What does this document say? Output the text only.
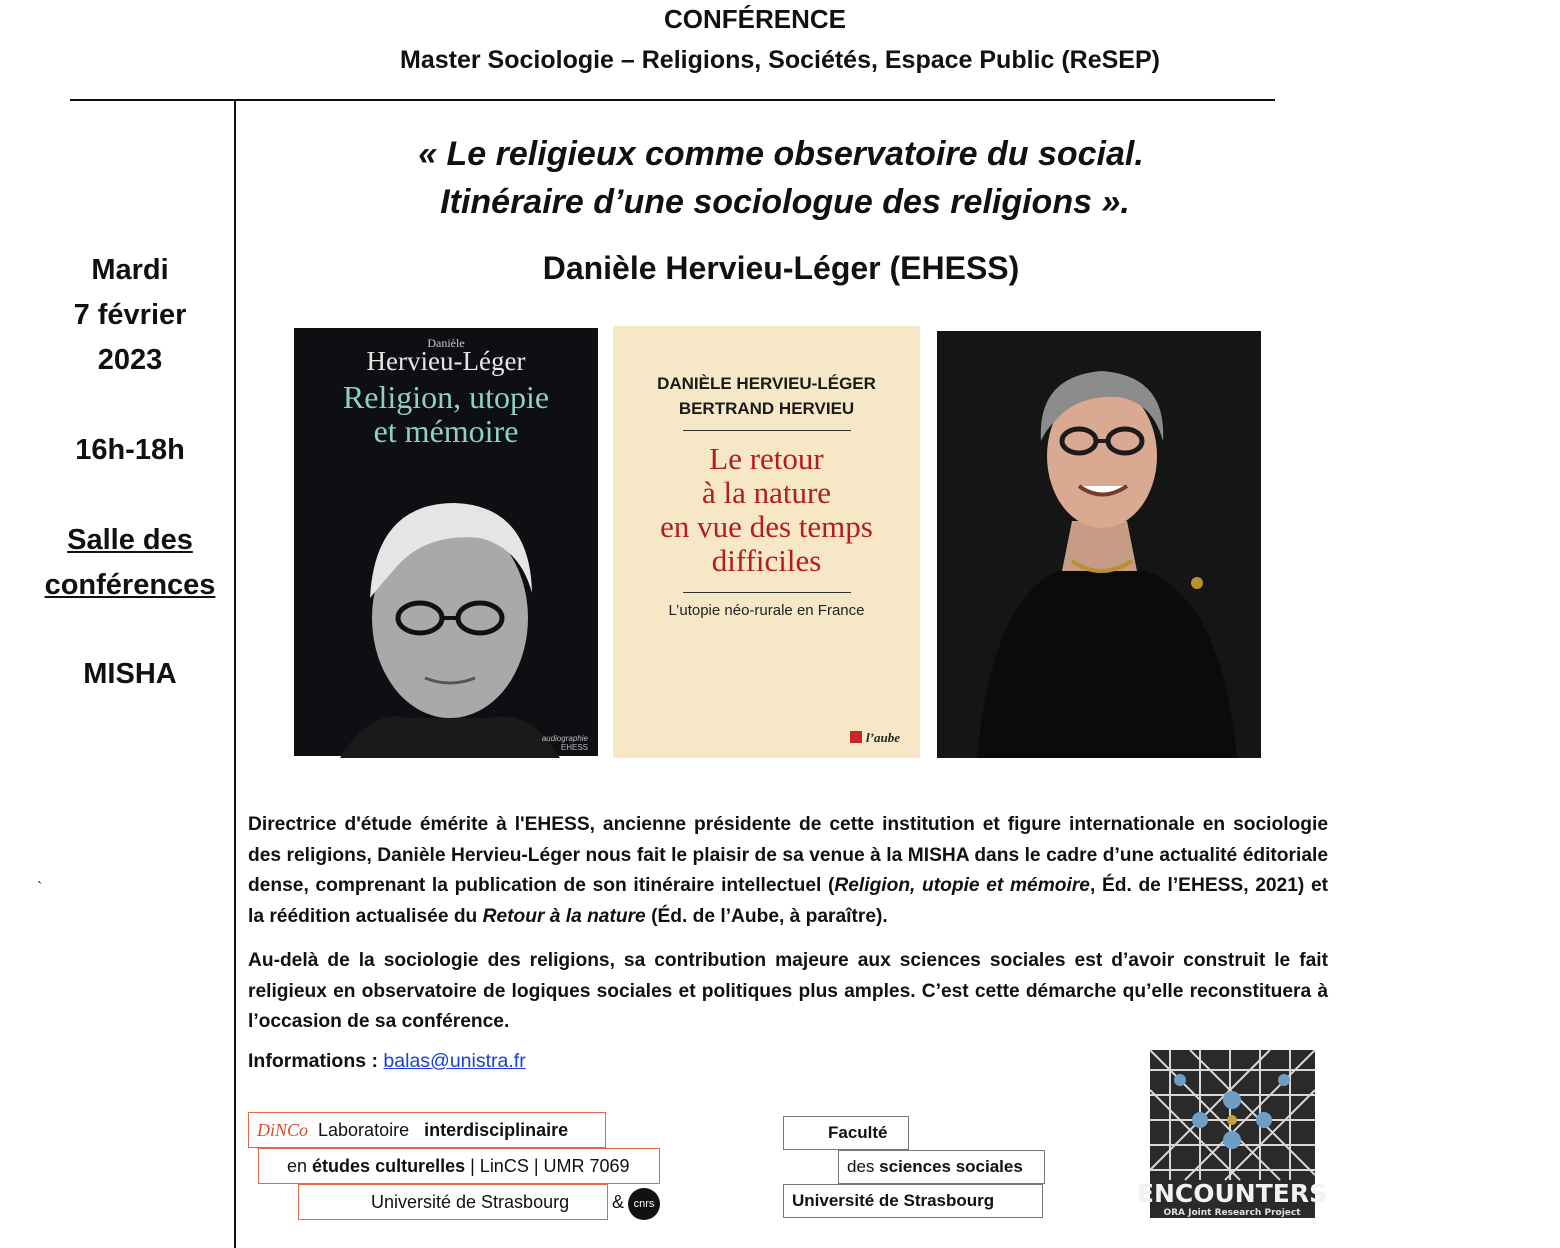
CONFÉRENCE
Master Sociologie – Religions, Sociétés, Espace Public (ReSEP)
Mardi
7 février
2023
16h-18h
Salle des
conférences
MISHA
`
« Le religieux comme observatoire du social.
Itinéraire d’une sociologue des religions ».
Danièle Hervieu-Léger (EHESS)
Danièle
Hervieu-Léger
Religion, utopie
et mémoire
audiographie
EHESS
DANIÈLE HERVIEU-LÉGER
BERTRAND HERVIEU
Le retour
à la nature
en vue des temps
difficiles
L’utopie néo-rurale en France
l’aube
Directrice d'étude émérite à l'EHESS, ancienne présidente de cette institution et figure internationale en sociologie des religions, Danièle Hervieu-Léger nous fait le plaisir de sa venue à la MISHA dans le cadre d’une actualité éditoriale dense, comprenant la publication de son itinéraire intellectuel (Religion, utopie et mémoire, Éd. de l’EHESS, 2021) et la réédition actualisée du Retour à la nature (Éd. de l’Aube, à paraître).
Au-delà de la sociologie des religions, sa contribution majeure aux sciences sociales est d’avoir construit le fait religieux en observatoire de logiques sociales et politiques plus amples. C’est cette démarche qu’elle reconstituera à l’occasion de sa conférence.
Informations : balas@unistra.fr
DiNCo Laboratoire interdisciplinaire
en études culturelles | LinCS | UMR 7069
Université de Strasbourg	& cnrs
Faculté
des sciences sociales
Université de Strasbourg	ENCOUNTERS
ORA Joint Research Project
